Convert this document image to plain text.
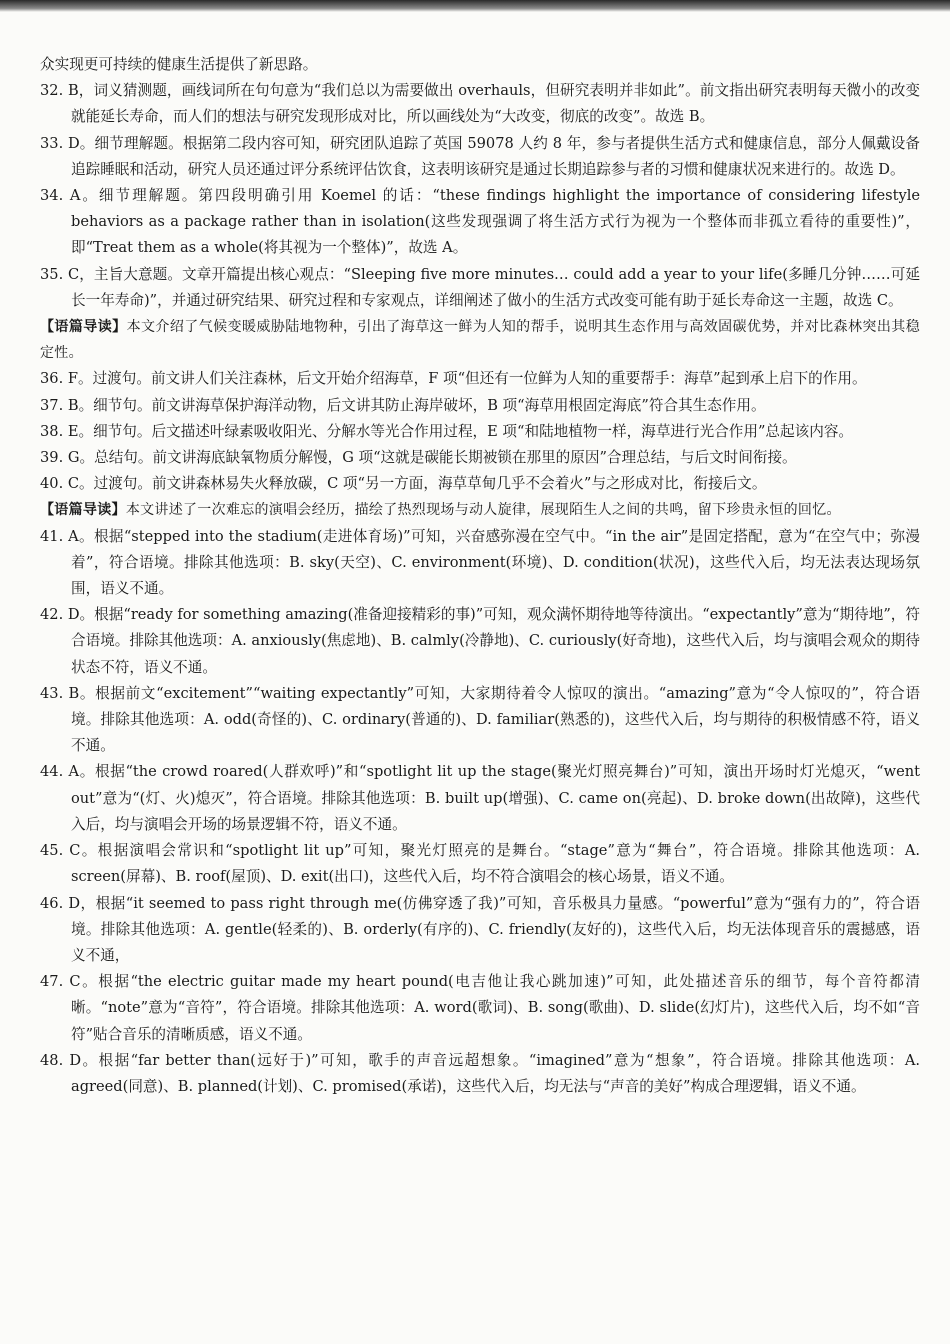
众实现更可持续的健康生活提供了新思路。

32. B，词义猜测题，画线词所在句句意为“我们总以为需要做出 overhauls，但研究表明并非如此”。前文指出研究表明每天微小的改变就能延长寿命，而人们的想法与研究发现形成对比，所以画线处为“大改变，彻底的改变”。故选 B。

33. D。细节理解题。根据第二段内容可知，研究团队追踪了英国 59078 人约 8 年，参与者提供生活方式和健康信息，部分人佩戴设备追踪睡眠和活动，研究人员还通过评分系统评估饮食，这表明该研究是通过长期追踪参与者的习惯和健康状况来进行的。故选 D。

34. A。细节理解题。第四段明确引用 Koemel 的话：“these findings highlight the importance of considering lifestyle behaviors as a package rather than in isolation(这些发现强调了将生活方式行为视为一个整体而非孤立看待的重要性)”，即“Treat them as a whole(将其视为一个整体)”，故选 A。

35. C，主旨大意题。文章开篇提出核心观点：“Sleeping five more minutes… could add a year to your life(多睡几分钟……可延长一年寿命)”，并通过研究结果、研究过程和专家观点，详细阐述了做小的生活方式改变可能有助于延长寿命这一主题，故选 C。

【语篇导读】本文介绍了气候变暖威胁陆地物种，引出了海草这一鲜为人知的帮手，说明其生态作用与高效固碳优势，并对比森林突出其稳定性。

36. F。过渡句。前文讲人们关注森林，后文开始介绍海草，F 项“但还有一位鲜为人知的重要帮手：海草”起到承上启下的作用。

37. B。细节句。前文讲海草保护海洋动物，后文讲其防止海岸破坏，B 项“海草用根固定海底”符合其生态作用。

38. E。细节句。后文描述叶绿素吸收阳光、分解水等光合作用过程，E 项“和陆地植物一样，海草进行光合作用”总起该内容。

39. G。总结句。前文讲海底缺氧物质分解慢，G 项“这就是碳能长期被锁在那里的原因”合理总结，与后文时间衔接。

40. C。过渡句。前文讲森林易失火释放碳，C 项“另一方面，海草草甸几乎不会着火”与之形成对比，衔接后文。

【语篇导读】本文讲述了一次难忘的演唱会经历，描绘了热烈现场与动人旋律，展现陌生人之间的共鸣，留下珍贵永恒的回忆。

41. A。根据“stepped into the stadium(走进体育场)”可知，兴奋感弥漫在空气中。“in the air”是固定搭配，意为“在空气中；弥漫着”，符合语境。排除其他选项：B. sky(天空)、C. environment(环境)、D. condition(状况)，这些代入后，均无法表达现场氛围，语义不通。

42. D。根据“ready for something amazing(准备迎接精彩的事)”可知，观众满怀期待地等待演出。“expectantly”意为“期待地”，符合语境。排除其他选项：A. anxiously(焦虑地)、B. calmly(冷静地)、C. curiously(好奇地)，这些代入后，均与演唱会观众的期待状态不符，语义不通。

43. B。根据前文“excitement”“waiting expectantly”可知，大家期待着令人惊叹的演出。“amazing”意为“令人惊叹的”，符合语境。排除其他选项：A. odd(奇怪的)、C. ordinary(普通的)、D. familiar(熟悉的)，这些代入后，均与期待的积极情感不符，语义不通。

44. A。根据“the crowd roared(人群欢呼)”和“spotlight lit up the stage(聚光灯照亮舞台)”可知，演出开场时灯光熄灭，“went out”意为“(灯、火)熄灭”，符合语境。排除其他选项：B. built up(增强)、C. came on(亮起)、D. broke down(出故障)，这些代入后，均与演唱会开场的场景逻辑不符，语义不通。

45. C。根据演唱会常识和“spotlight lit up”可知，聚光灯照亮的是舞台。“stage”意为“舞台”，符合语境。排除其他选项：A. screen(屏幕)、B. roof(屋顶)、D. exit(出口)，这些代入后，均不符合演唱会的核心场景，语义不通。

46. D，根据“it seemed to pass right through me(仿佛穿透了我)”可知，音乐极具力量感。“powerful”意为“强有力的”，符合语境。排除其他选项：A. gentle(轻柔的)、B. orderly(有序的)、C. friendly(友好的)，这些代入后，均无法体现音乐的震撼感，语义不通，

47. C。根据“the electric guitar made my heart pound(电吉他让我心跳加速)”可知，此处描述音乐的细节，每个音符都清晰。“note”意为“音符”，符合语境。排除其他选项：A. word(歌词)、B. song(歌曲)、D. slide(幻灯片)，这些代入后，均不如“音符”贴合音乐的清晰质感，语义不通。

48. D。根据“far better than(远好于)”可知，歌手的声音远超想象。“imagined”意为“想象”，符合语境。排除其他选项：A. agreed(同意)、B. planned(计划)、C. promised(承诺)，这些代入后，均无法与“声音的美好”构成合理逻辑，语义不通。
